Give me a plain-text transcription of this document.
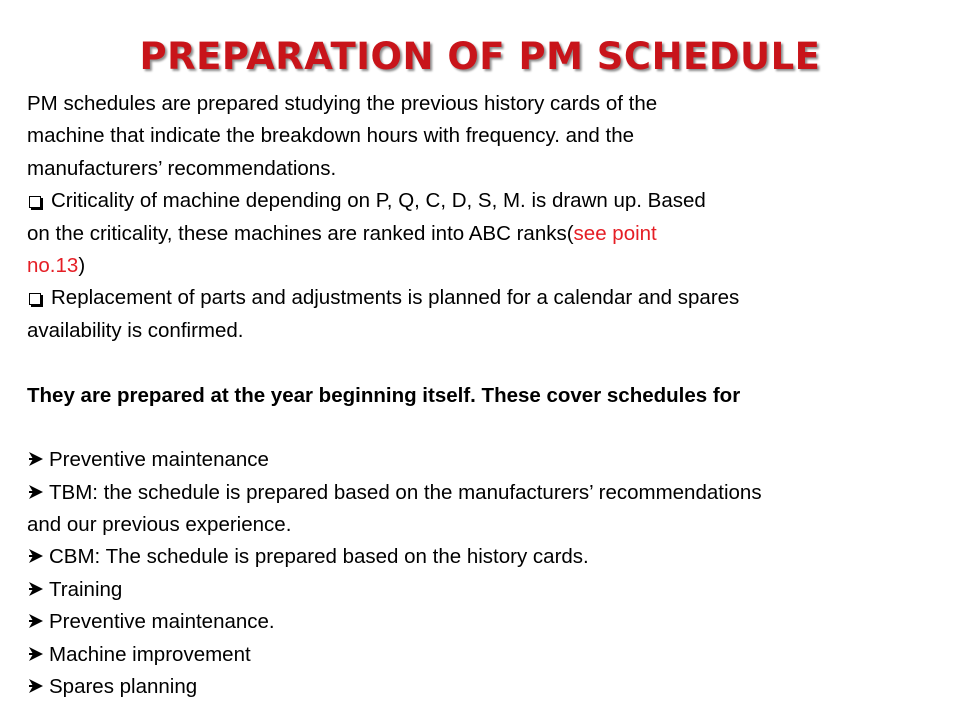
PREPARATION OF PM SCHEDULE
PM schedules are prepared studying the previous history cards of the
machine that indicate the breakdown hours with frequency. and the
manufacturers’ recommendations.
Criticality of machine depending on P, Q, C, D, S, M. is drawn up. Based
on the criticality, these machines are ranked into ABC ranks(see point
no.13)
Replacement of parts and adjustments is planned for a calendar and spares
availability is confirmed.
They are prepared at the year beginning itself. These cover schedules for
Preventive maintenance
TBM: the schedule is prepared based on the manufacturers’ recommendations
and our previous experience.
CBM: The schedule is prepared based on the history cards.
Training
Preventive maintenance.
Machine improvement
Spares planning
